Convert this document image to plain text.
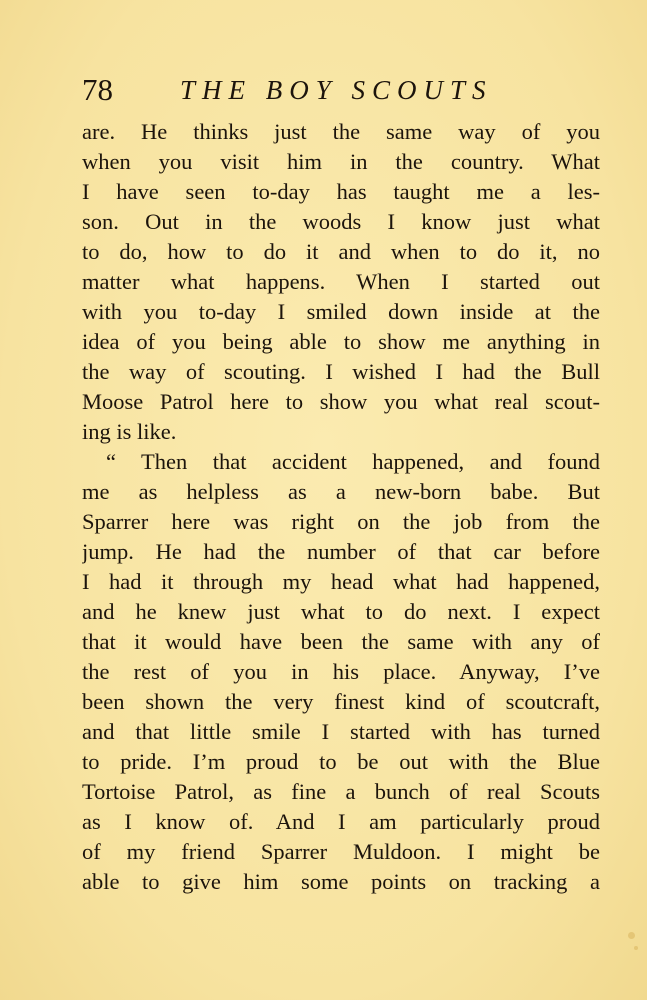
78 THE BOY SCOUTS
are. He thinks just the same way of you
when you visit him in the country. What
I have seen to-day has taught me a les-
son. Out in the woods I know just what
to do, how to do it and when to do it, no
matter what happens. When I started out
with you to-day I smiled down inside at the
idea of you being able to show me anything in
the way of scouting. I wished I had the Bull
Moose Patrol here to show you what real scout-
ing is like.
“ Then that accident happened, and found
me as helpless as a new-born babe. But
Sparrer here was right on the job from the
jump. He had the number of that car before
I had it through my head what had happened,
and he knew just what to do next. I expect
that it would have been the same with any of
the rest of you in his place. Anyway, I’ve
been shown the very finest kind of scoutcraft,
and that little smile I started with has turned
to pride. I’m proud to be out with the Blue
Tortoise Patrol, as fine a bunch of real Scouts
as I know of. And I am particularly proud
of my friend Sparrer Muldoon. I might be
able to give him some points on tracking a
